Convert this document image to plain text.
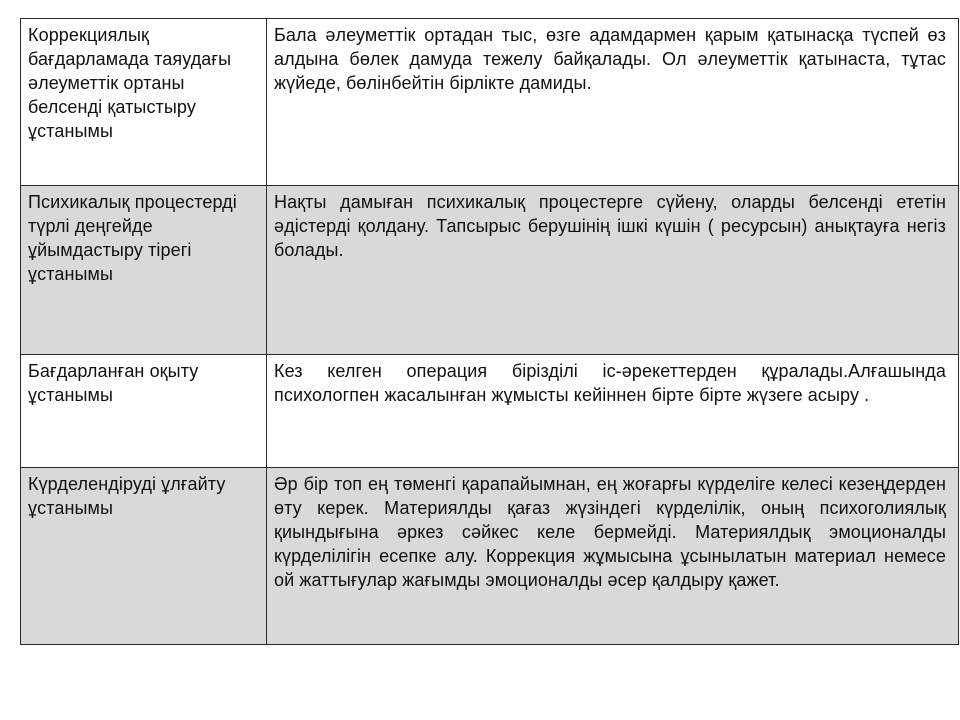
Коррекциялық бағдарламада таяудағы әлеуметтік ортаны белсенді қатыстыру ұстанымы	Бала әлеуметтік ортадан тыс, өзге адамдармен қарым қатынасқа түспей өз алдына бөлек дамуда тежелу байқалады. Ол әлеуметтік қатынаста, тұтас жүйеде, бөлінбейтін бірлікте дамиды.
Психикалық процестерді түрлі деңгейде ұйымдастыру тірегі ұстанымы	Нақты дамыған психикалық процестерге сүйену, оларды белсенді ететін әдістерді қолдану. Тапсырыс берушінің ішкі күшін ( ресурсын) анықтауға негіз болады.
Бағдарланған оқыту ұстанымы	Кез келген операция бірізділі іс-әрекеттерден құралады.Алғашында психологпен жасалынған жұмысты кейіннен бірте бірте жүзеге асыру .
Күрделендіруді ұлғайту ұстанымы	Әр бір топ ең төменгі қарапайымнан, ең жоғарғы күрделіге келесі кезеңдерден өту керек. Материялды қағаз жүзіндегі күрделілік, оның психоголиялық қиындығына әркез сәйкес келе бермейді. Материялдық эмоционалды күрделілігін есепке алу. Коррекция жұмысына ұсынылатын материал немесе ой жаттығулар жағымды эмоционалды әсер қалдыру қажет.
